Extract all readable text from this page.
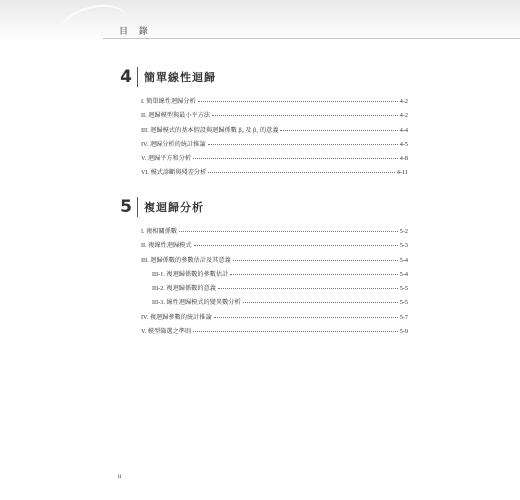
目 錄
4 簡單線性迴歸
I. 簡單線性迴歸分析	4-2
II. 迴歸模型與最小平方法	4-2
III. 迴歸模式的基本假設與迴歸係數 β₀ 及 β₁ 的意義	4-4
IV. 迴歸分析的統計推論	4-5
V. 迴歸平方和分析	4-8
VI. 模式診斷與殘差分析	4-11
5 複迴歸分析
I. 複相關係數	5-2
II. 複線性迴歸模式	5-3
III. 迴歸係數的參數估計及其意義	5-4
III-1. 複迴歸係數的參數估計	5-4
III-2. 複迴歸係數的意義	5-5
III-3. 線性迴歸模式的變異數分析	5-5
IV. 複迴歸參數的統計推論	5-7
V. 模型篩選之準則	5-9
ii
